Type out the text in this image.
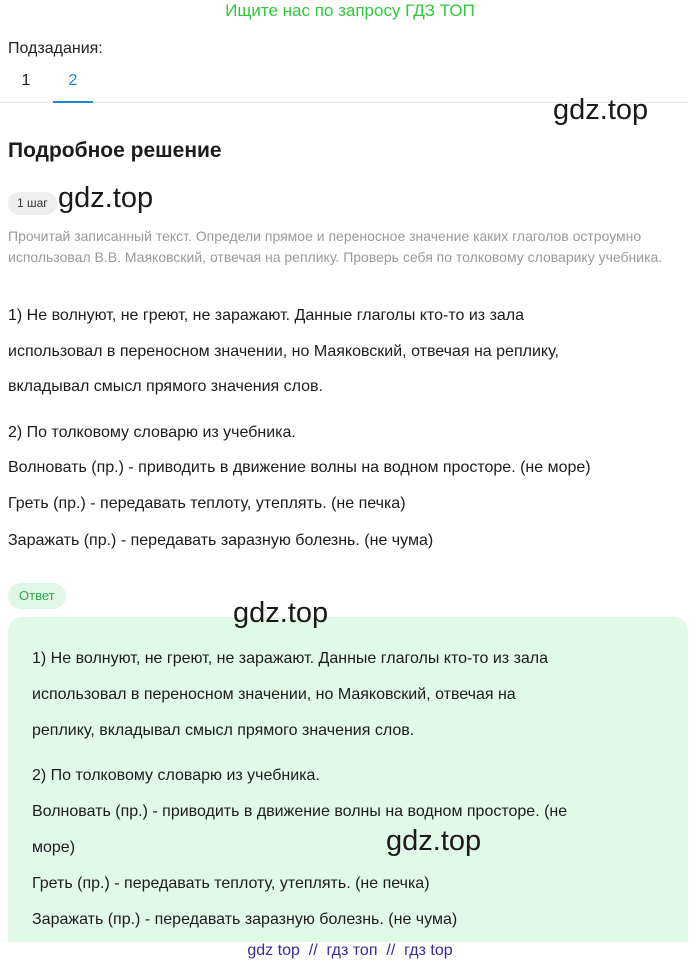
Ищите нас по запросу ГДЗ ТОП
Подзадания:
1	2
gdz.top
Подробное решение
1 шаг gdz.top
Прочитай записанный текст. Определи прямое и переносное значение каких глаголов остроумно использовал В.В. Маяковский, отвечая на реплику. Проверь себя по толковому словарику учебника.
1) Не волнуют, не греют, не заражают. Данные глаголы кто-то из зала
использовал в переносном значении, но Маяковский, отвечая на реплику,
вкладывал смысл прямого значения слов.
2) По толковому словарю из учебника.
Волновать (пр.) - приводить в движение волны на водном просторе. (не море)
Греть (пр.) - передавать теплоту, утеплять. (не печка)
Заражать (пр.) - передавать заразную болезнь. (не чума)
Ответ
gdz.top
1) Не волнуют, не греют, не заражают. Данные глаголы кто-то из зала
использовал в переносном значении, но Маяковский, отвечая на
реплику, вкладывал смысл прямого значения слов.
2) По толковому словарю из учебника.
Волновать (пр.) - приводить в движение волны на водном просторе. (не
море)
Греть (пр.) - передавать теплоту, утеплять. (не печка)
Заражать (пр.) - передавать заразную болезнь. (не чума)
gdz.top
gdz top  //  гдз топ  //  гдз top
